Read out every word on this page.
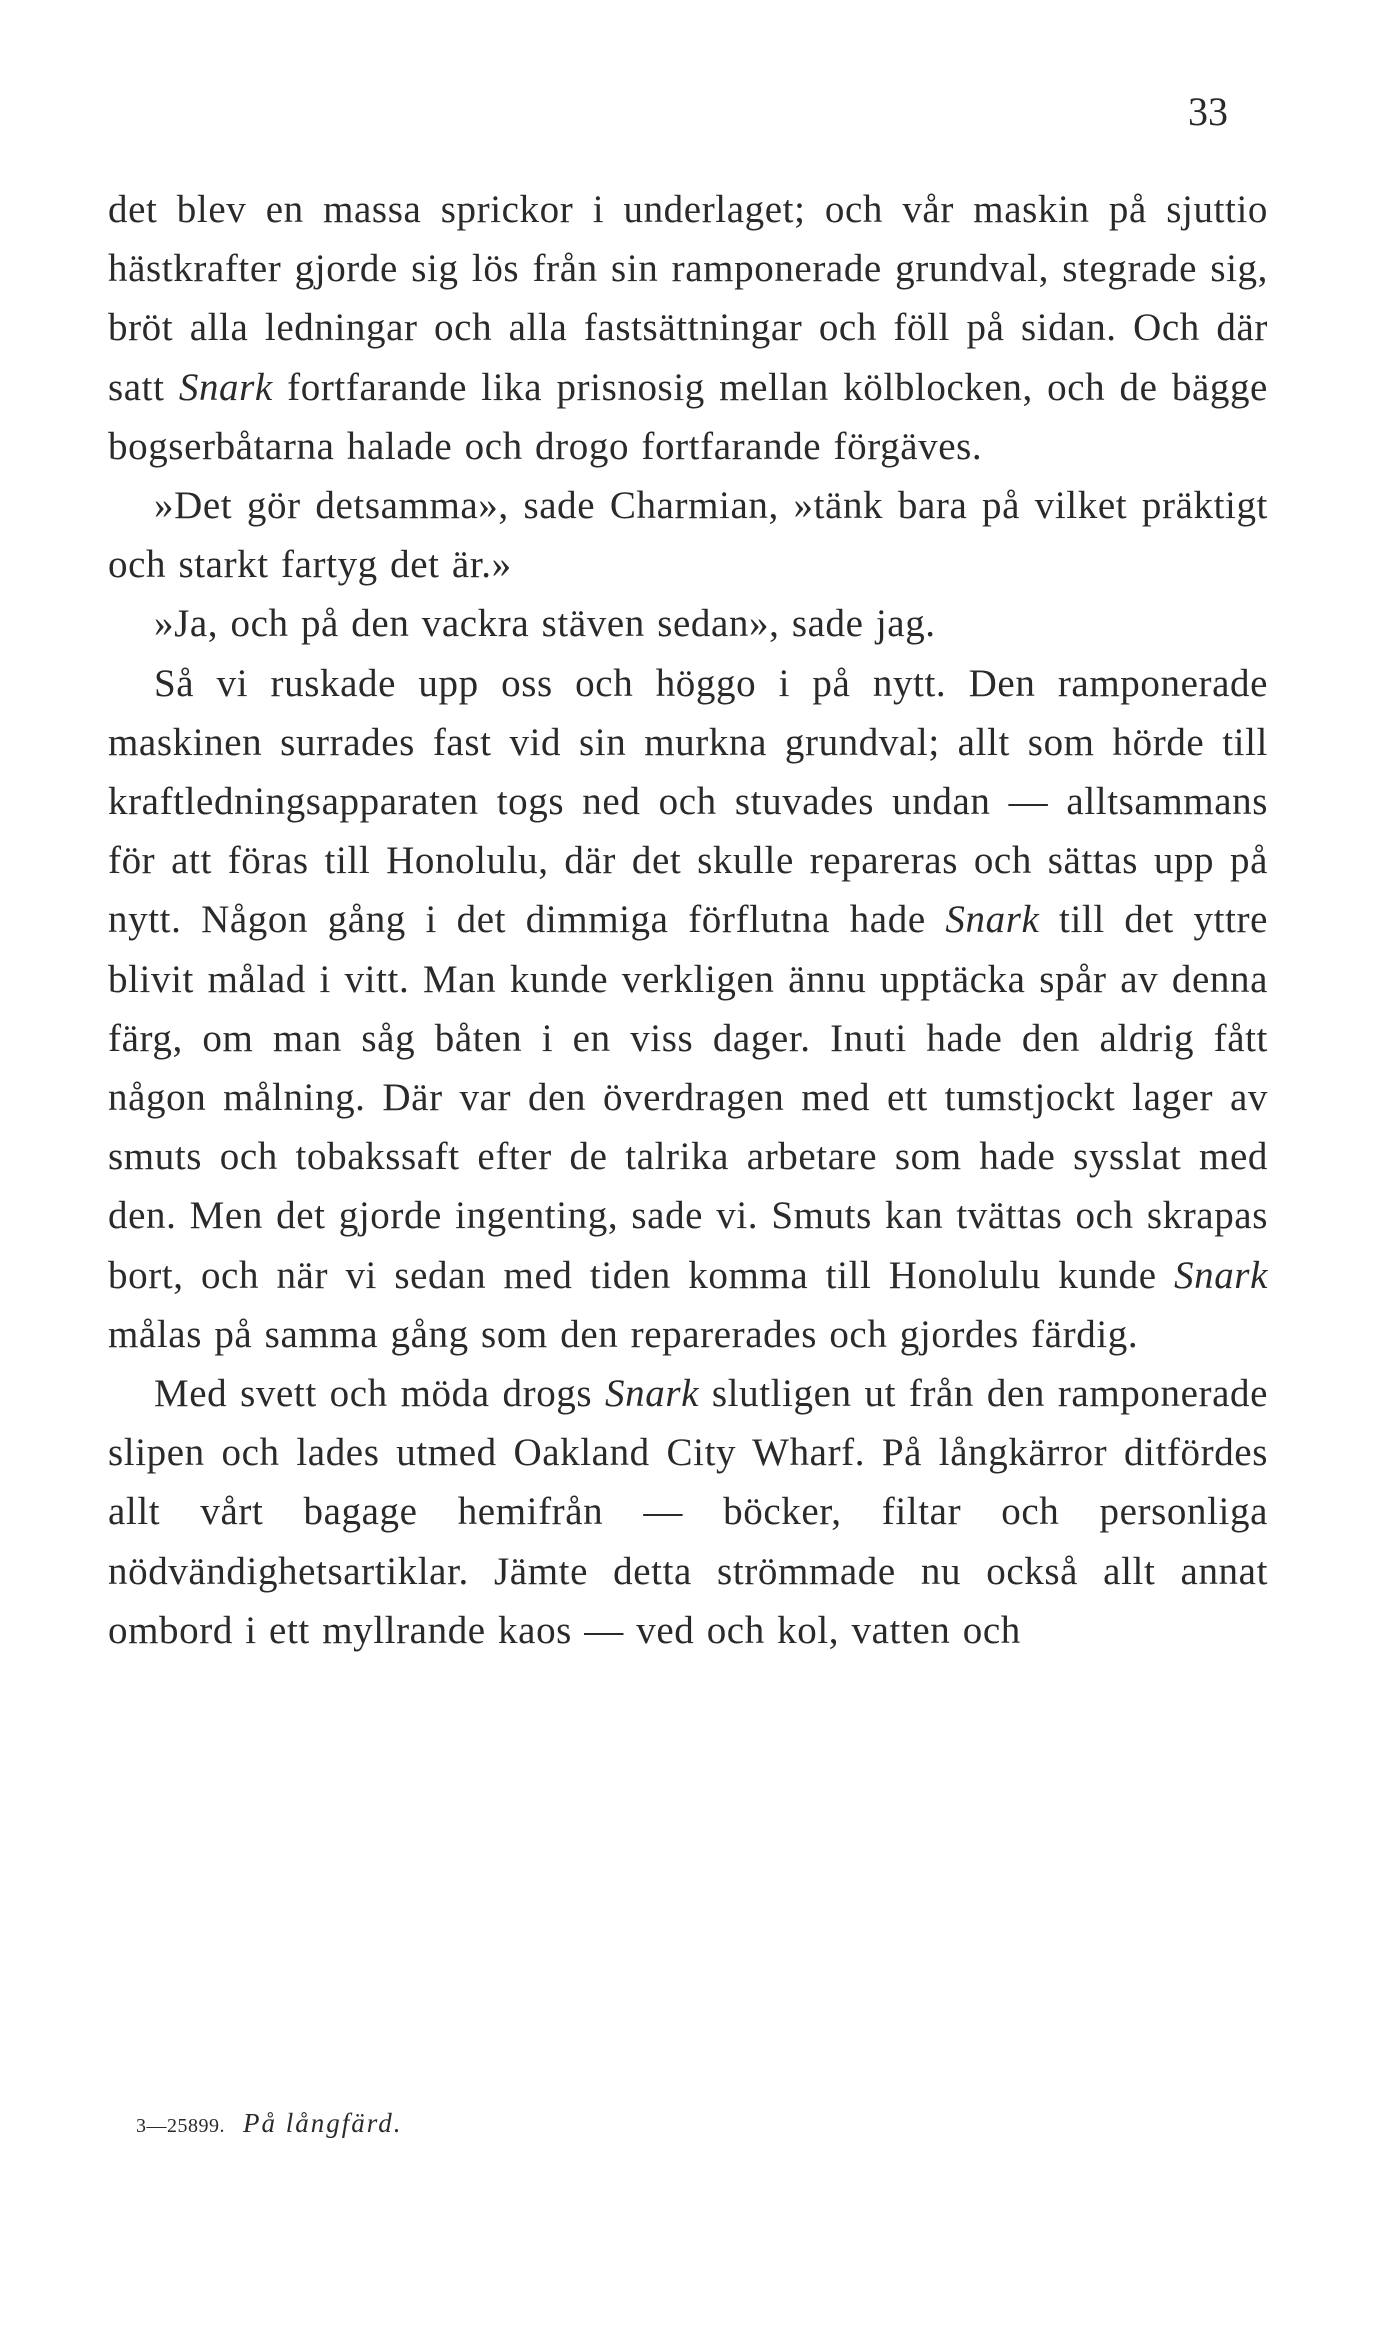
33

det blev en massa sprickor i underlaget; och vår maskin på sjuttio hästkrafter gjorde sig lös från sin ramponerade grundval, stegrade sig, bröt alla ledningar och alla fastsättningar och föll på sidan. Och där satt Snark fortfarande lika prisnosig mellan kölblocken, och de bägge bogserbåtarna halade och drogo fortfarande förgäves.

»Det gör detsamma», sade Charmian, »tänk bara på vilket präktigt och starkt fartyg det är.»

»Ja, och på den vackra stäven sedan», sade jag.

Så vi ruskade upp oss och höggo i på nytt. Den ramponerade maskinen surrades fast vid sin murkna grundval; allt som hörde till kraftledningsapparaten togs ned och stuvades undan — alltsammans för att föras till Honolulu, där det skulle repareras och sättas upp på nytt. Någon gång i det dimmiga förflutna hade Snark till det yttre blivit målad i vitt. Man kunde verkligen ännu upptäcka spår av denna färg, om man såg båten i en viss dager. Inuti hade den aldrig fått någon målning. Där var den överdragen med ett tumstjockt lager av smuts och tobakssaft efter de talrika arbetare som hade sysslat med den. Men det gjorde ingenting, sade vi. Smuts kan tvättas och skrapas bort, och när vi sedan med tiden komma till Honolulu kunde Snark målas på samma gång som den reparerades och gjordes färdig.

Med svett och möda drogs Snark slutligen ut från den ramponerade slipen och lades utmed Oakland City Wharf. På långkärror ditfördes allt vårt bagage hemifrån — böcker, filtar och personliga nödvändighetsartiklar. Jämte detta strömmade nu också allt annat ombord i ett myllrande kaos — ved och kol, vatten och

3—25899. På långfärd.
